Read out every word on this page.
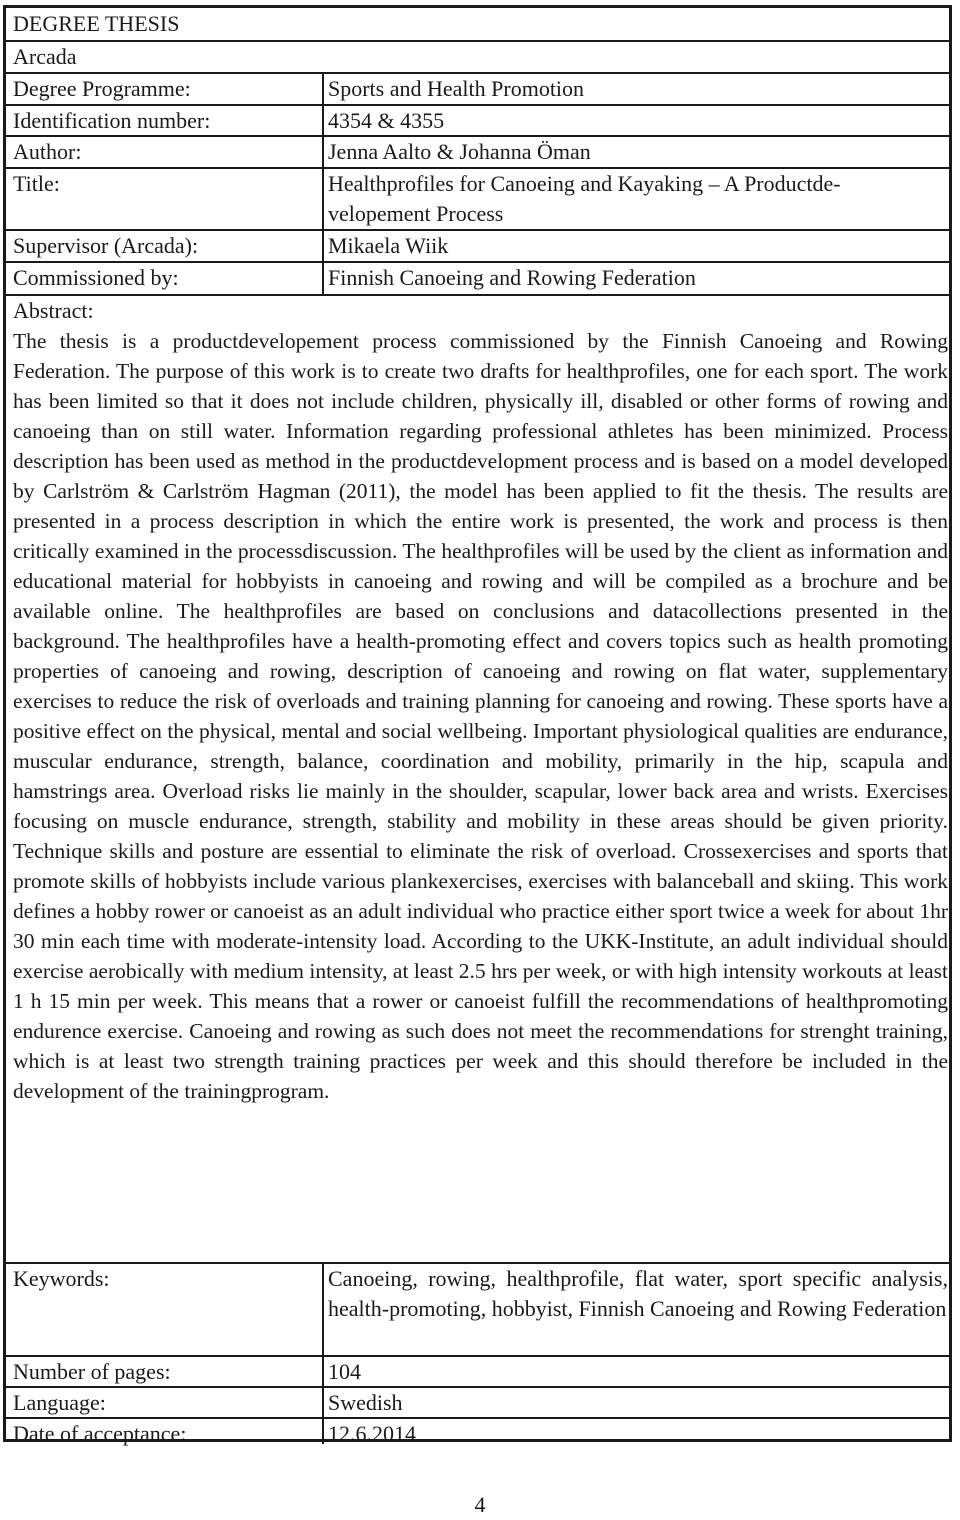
DEGREE THESIS
Arcada
Degree Programme:	Sports and Health Promotion
Identification number:	4354 & 4355
Author:	Jenna Aalto & Johanna Öman
Title:	Healthprofiles for Canoeing and Kayaking – A Productde-
velopement Process
Supervisor (Arcada):	Mikaela Wiik
Commissioned by:	Finnish Canoeing and Rowing Federation
Abstract:
The thesis is a productdevelopement process commissioned by the Finnish Canoeing and Rowing Federation. The purpose of this work is to create two drafts for healthprofiles, one for each sport. The work has been limited so that it does not include children, physically ill, disabled or other forms of rowing and canoeing than on still water. Information regarding professional athletes has been minimized. Process description has been used as method in the productdevelopment process and is based on a model developed by Carlström & Carlström Hagman (2011), the model has been applied to fit the thesis. The results are presented in a process description in which the entire work is presented, the work and process is then critically examined in the processdiscussion. The healthprofiles will be used by the client as information and educational material for hobbyists in canoeing and rowing and will be compiled as a brochure and be available online. The healthprofiles are based on conclusions and datacollections presented in the background. The healthprofiles have a health-promoting effect and covers topics such as health promoting properties of canoeing and rowing, description of canoeing and rowing on flat water, supplementary exercises to reduce the risk of overloads and training planning for canoeing and rowing. These sports have a positive effect on the physical, mental and social wellbeing. Important physiological qualities are endurance, muscular endurance, strength, balance, coordination and mobility, primarily in the hip, scapula and hamstrings area. Overload risks lie mainly in the shoulder, scapular, lower back area and wrists. Exercises focusing on muscle endurance, strength, stability and mobility in these areas should be given priority. Technique skills and posture are essential to eliminate the risk of overload. Crossexercises and sports that promote skills of hobbyists include various plankexercises, exercises with balanceball and skiing. This work defines a hobby rower or canoeist as an adult individual who practice either sport twice a week for about 1hr 30 min each time with moderate-intensity load. According to the UKK-Institute, an adult individual should exercise aerobically with medium intensity, at least 2.5 hrs per week, or with high intensity workouts at least 1 h 15 min per week. This means that a rower or canoeist fulfill the recommendations of healthpromoting endurence exercise. Canoeing and rowing as such does not meet the recommendations for strenght training, which is at least two strength training practices per week and this should therefore be included in the development of the trainingprogram.
Keywords:	Canoeing, rowing, healthprofile, flat water, sport specific analysis, health-promoting, hobbyist, Finnish Canoeing and Rowing Federation
Number of pages:	104
Language:	Swedish
Date of acceptance:	12.6.2014
4
